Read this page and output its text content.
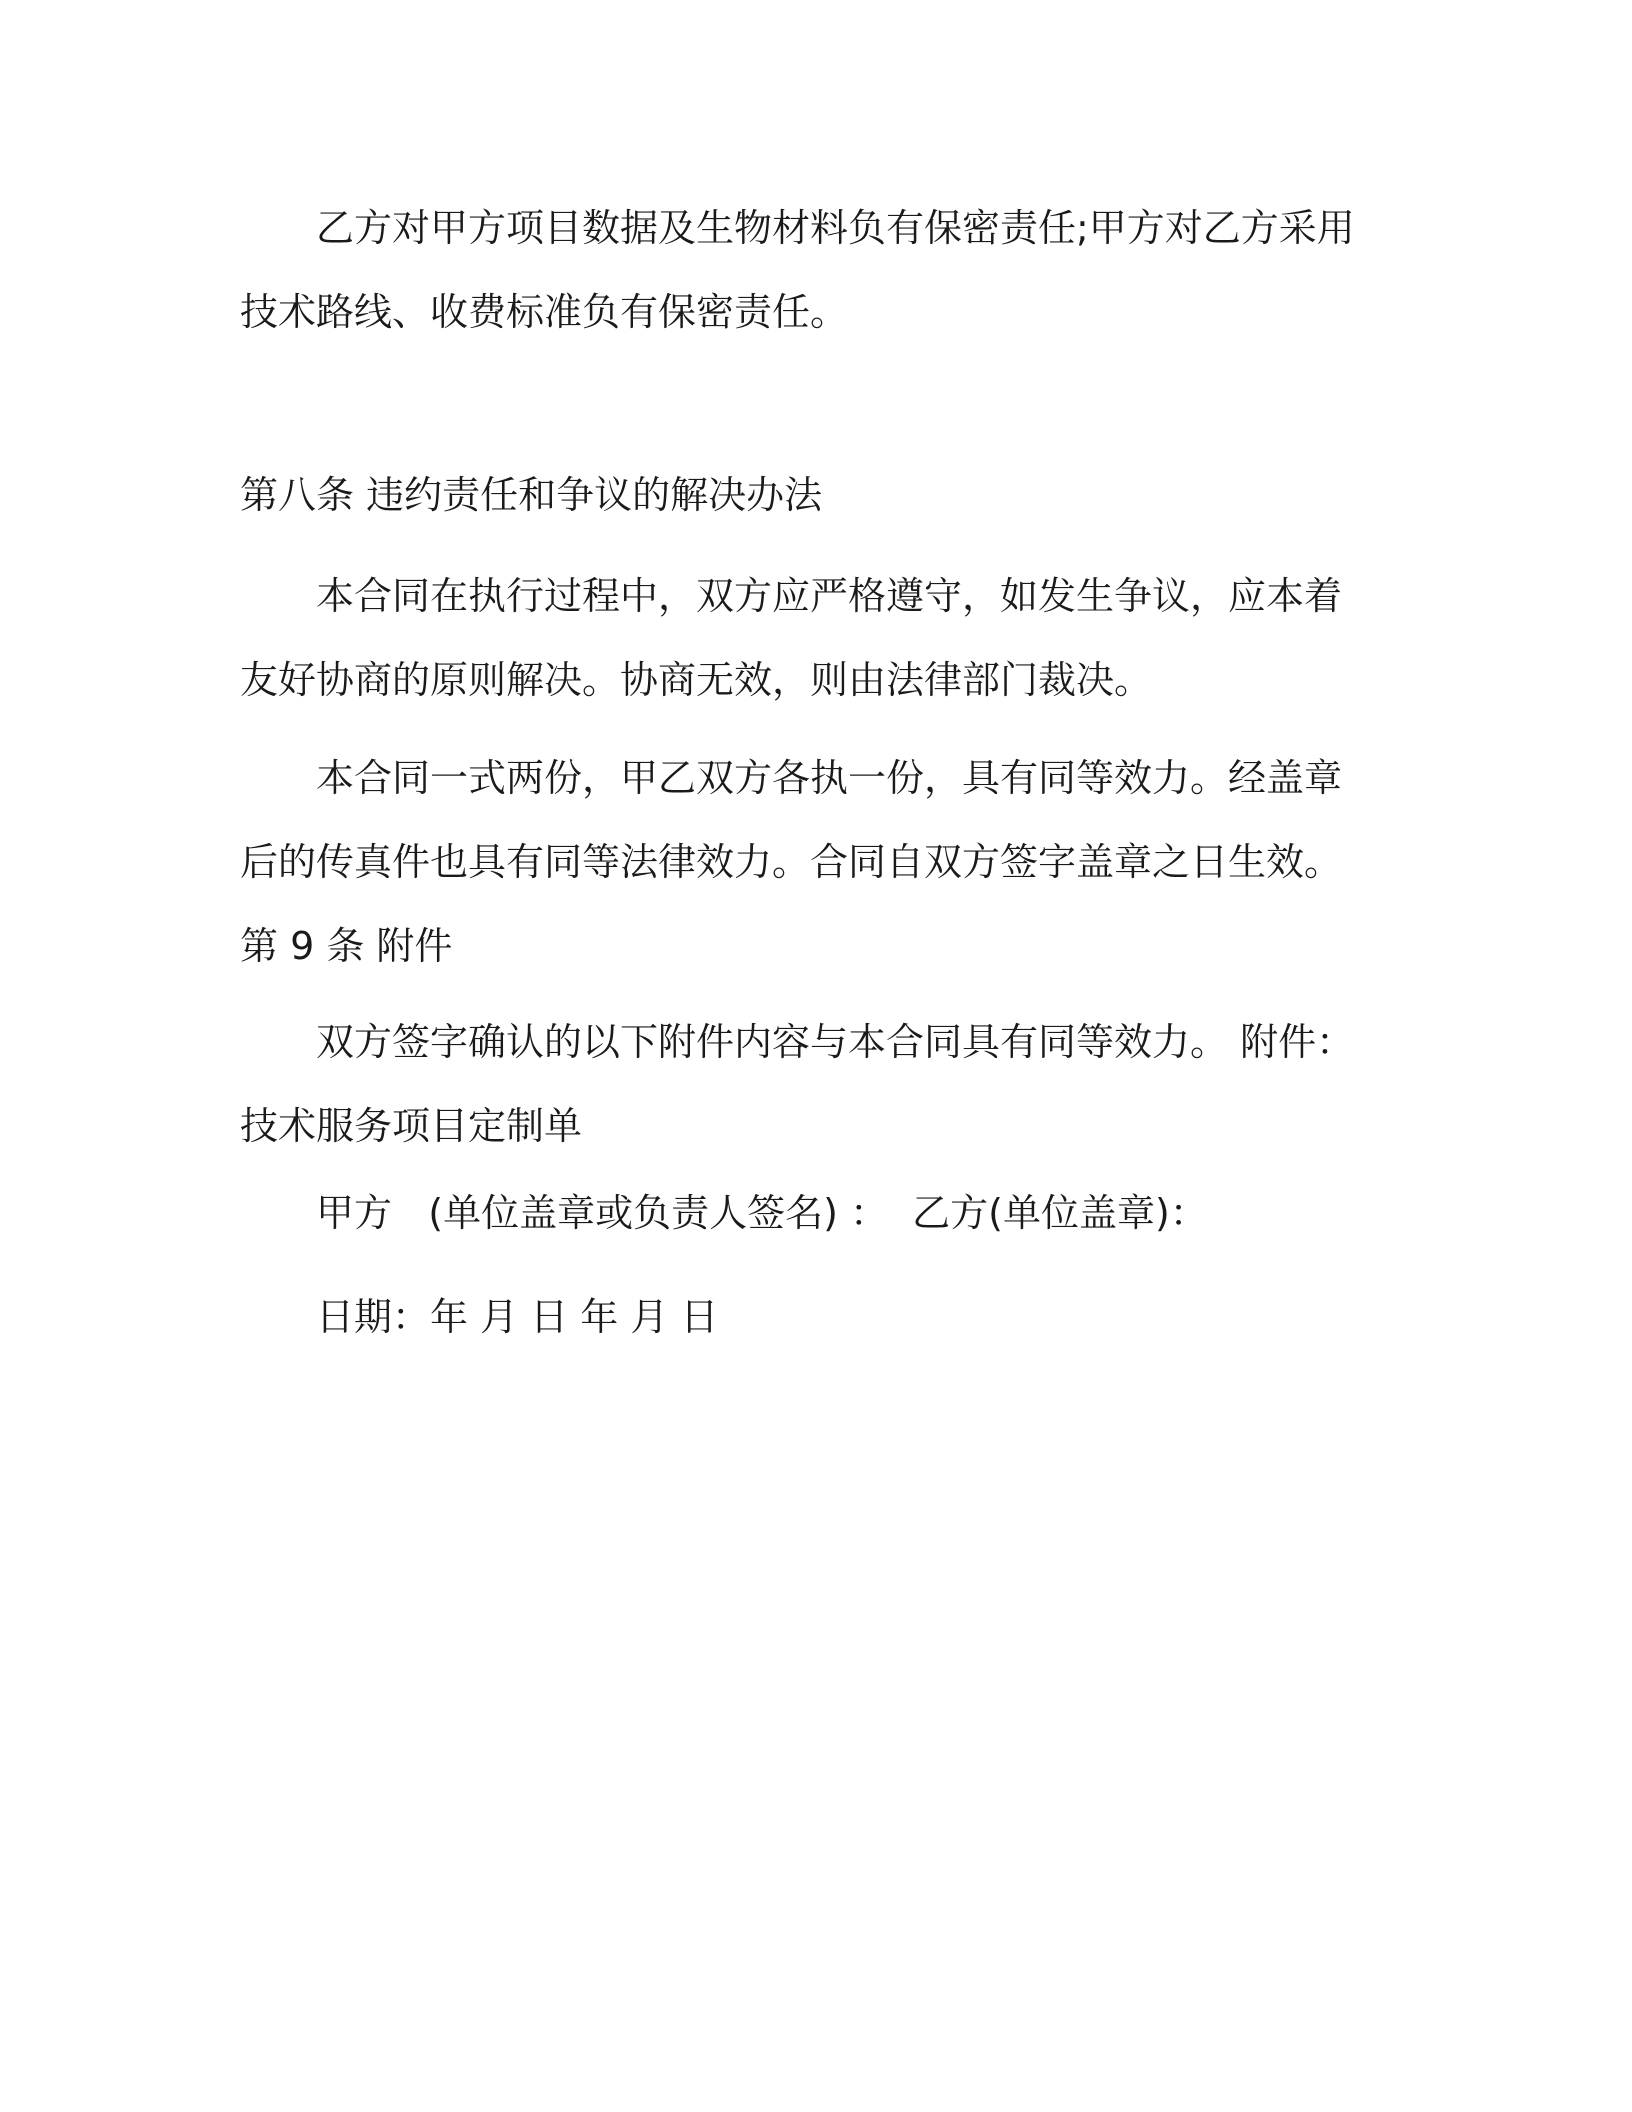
乙方对甲方项目数据及生物材料负有保密责任;甲方对乙方采用技术路线、收费标准负有保密责任。

第八条 违约责任和争议的解决办法

本合同在执行过程中，双方应严格遵守，如发生争议，应本着友好协商的原则解决。协商无效，则由法律部门裁决。

本合同一式两份，甲乙双方各执一份，具有同等效力。经盖章后的传真件也具有同等法律效力。合同自双方签字盖章之日生效。 第 9 条 附件

双方签字确认的以下附件内容与本合同具有同等效力。 附件：技术服务项目定制单

甲方   (单位盖章或负责人签名) ：  乙方(单位盖章)：

日期：年 月 日 年 月 日
